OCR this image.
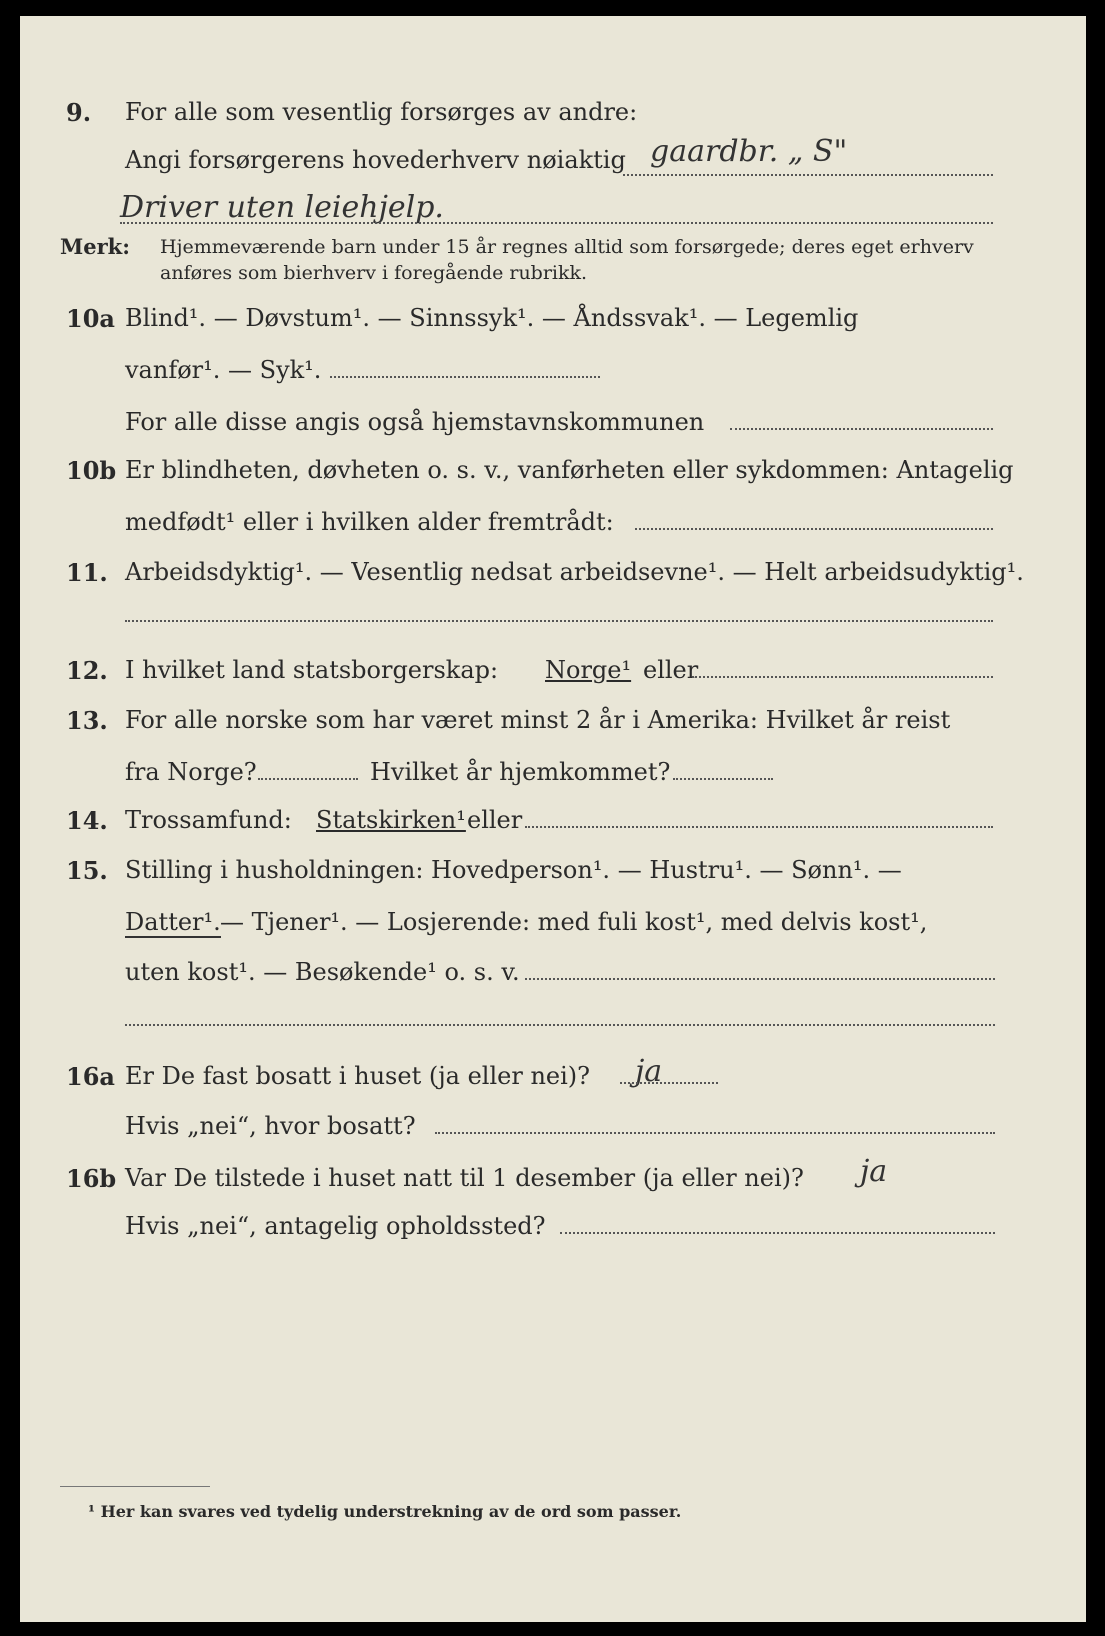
9. For alle som vesentlig forsørges av andre:
Angi forsørgerens hovederhverv nøiaktig gaardbr. „ S"
Driver uten leiehjelp.
Merk: Hjemmeværende barn under 15 år regnes alltid som forsørgede; deres eget erhverv
anføres som bierhverv i foregående rubrikk.
10a Blind¹. — Døvstum¹. — Sinnssyk¹. — Åndssvak¹. — Legemlig
vanfør¹. — Syk¹.
For alle disse angis også hjemstavnskommunen
10b Er blindheten, døvheten o. s. v., vanførheten eller sykdommen: Antagelig
medfødt¹ eller i hvilken alder fremtrådt:
11. Arbeidsdyktig¹. — Vesentlig nedsat arbeidsevne¹. — Helt arbeidsudyktig¹.
12. I hvilket land statsborgerskap: Norge¹ eller
13. For alle norske som har været minst 2 år i Amerika: Hvilket år reist
fra Norge?	Hvilket år hjemkommet?
14. Trossamfund: Statskirken¹ eller
15. Stilling i husholdningen: Hovedperson¹. — Hustru¹. — Sønn¹. —
Datter¹. — Tjener¹. — Losjerende: med fuli kost¹, med delvis kost¹,
uten kost¹. — Besøkende¹ o. s. v.
16a Er De fast bosatt i huset (ja eller nei)? ja
Hvis „nei“, hvor bosatt?
16b Var De tilstede i huset natt til 1 desember (ja eller nei)? ja
Hvis „nei“, antagelig opholdssted?
¹ Her kan svares ved tydelig understrekning av de ord som passer.
